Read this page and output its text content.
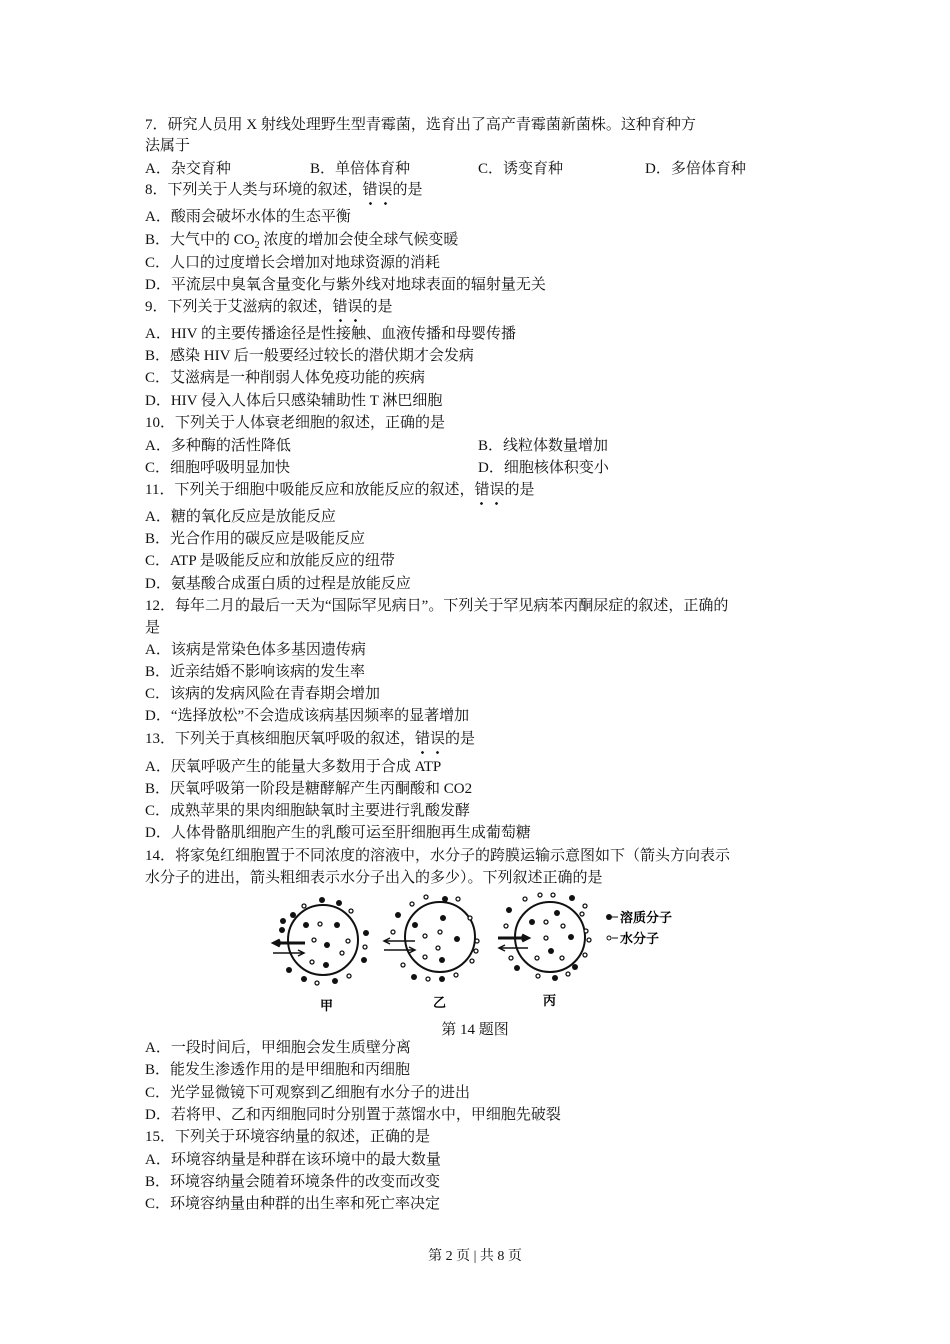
7．研究人员用 X 射线处理野生型青霉菌，选育出了高产青霉菌新菌株。这种育种方
法属于
A．杂交育种	B．单倍体育种	C．诱变育种	D．多倍体育种
8．下列关于人类与环境的叙述，错误的是
A．酸雨会破坏水体的生态平衡
B．大气中的 $CO_2$ 浓度的增加会使全球气候变暖
C．人口的过度增长会增加对地球资源的消耗
D．平流层中臭氧含量变化与紫外线对地球表面的辐射量无关
9．下列关于艾滋病的叙述，错误的是
A．HIV 的主要传播途径是性接触、血液传播和母婴传播
B．感染 HIV 后一般要经过较长的潜伏期才会发病
C．艾滋病是一种削弱人体免疫功能的疾病
D．HIV 侵入人体后只感染辅助性 T 淋巴细胞
10．下列关于人体衰老细胞的叙述，正确的是
A．多种酶的活性降低	B．线粒体数量增加
C．细胞呼吸明显加快	D．细胞核体积变小
11．下列关于细胞中吸能反应和放能反应的叙述，错误的是
A．糖的氧化反应是放能反应
B．光合作用的碳反应是吸能反应
C．ATP 是吸能反应和放能反应的纽带
D．氨基酸合成蛋白质的过程是放能反应
12．每年二月的最后一天为“国际罕见病日”。下列关于罕见病苯丙酮尿症的叙述，正确的
是
A．该病是常染色体多基因遗传病
B．近亲结婚不影响该病的发生率
C．该病的发病风险在青春期会增加
D．“选择放松”不会造成该病基因频率的显著增加
13．下列关于真核细胞厌氧呼吸的叙述，错误的是
A．厌氧呼吸产生的能量大多数用于合成 ATP
B．厌氧呼吸第一阶段是糖酵解产生丙酮酸和 CO2
C．成熟苹果的果肉细胞缺氧时主要进行乳酸发酵
D．人体骨骼肌细胞产生的乳酸可运至肝细胞再生成葡萄糖
14．将家兔红细胞置于不同浓度的溶液中，水分子的跨膜运输示意图如下（箭头方向表示
水分子的进出，箭头粗细表示水分子出入的多少）。下列叙述正确的是
A．一段时间后，甲细胞会发生质壁分离
B．能发生渗透作用的是甲细胞和丙细胞
C．光学显微镜下可观察到乙细胞有水分子的进出
D．若将甲、乙和丙细胞同时分别置于蒸馏水中，甲细胞先破裂
15．下列关于环境容纳量的叙述，正确的是
A．环境容纳量是种群在该环境中的最大数量
B．环境容纳量会随着环境条件的改变而改变
C．环境容纳量由种群的出生率和死亡率决定
溶质分子
水分子
甲	乙	丙
第 14 题图
第 2 页 | 共 8 页
